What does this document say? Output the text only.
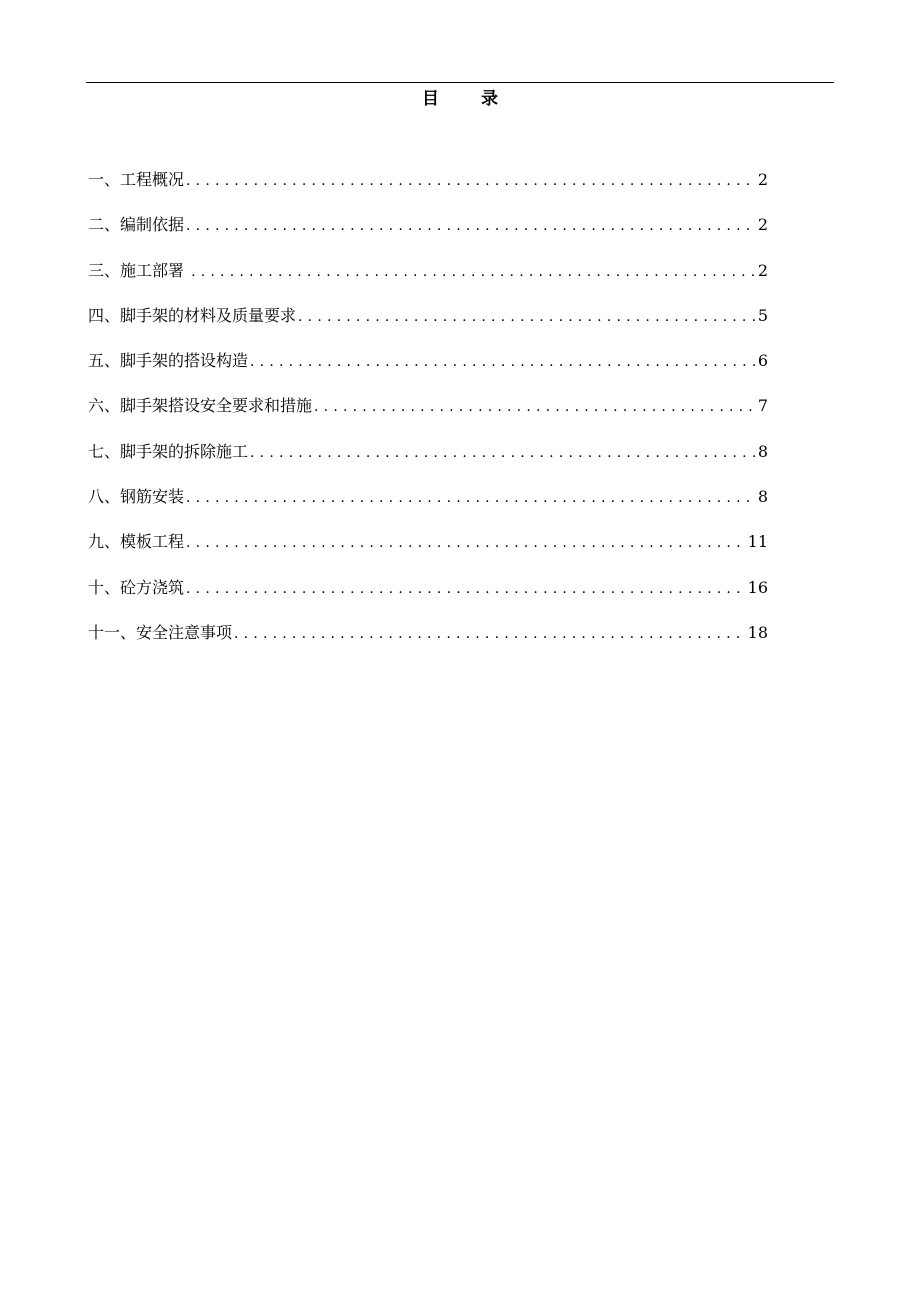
目 录
一、工程概况 .....	2
二、编制依据 .....	2
三、施工部署 .....	2
四、脚手架的材料及质量要求 .....	5
五、脚手架的搭设构造 .....	6
六、脚手架搭设安全要求和措施 .....	7
七、脚手架的拆除施工 .....	8
八、钢筋安装 .....	8
九、模板工程 .....	11
十、砼方浇筑 .....	16
十一、安全注意事项 .....	18
